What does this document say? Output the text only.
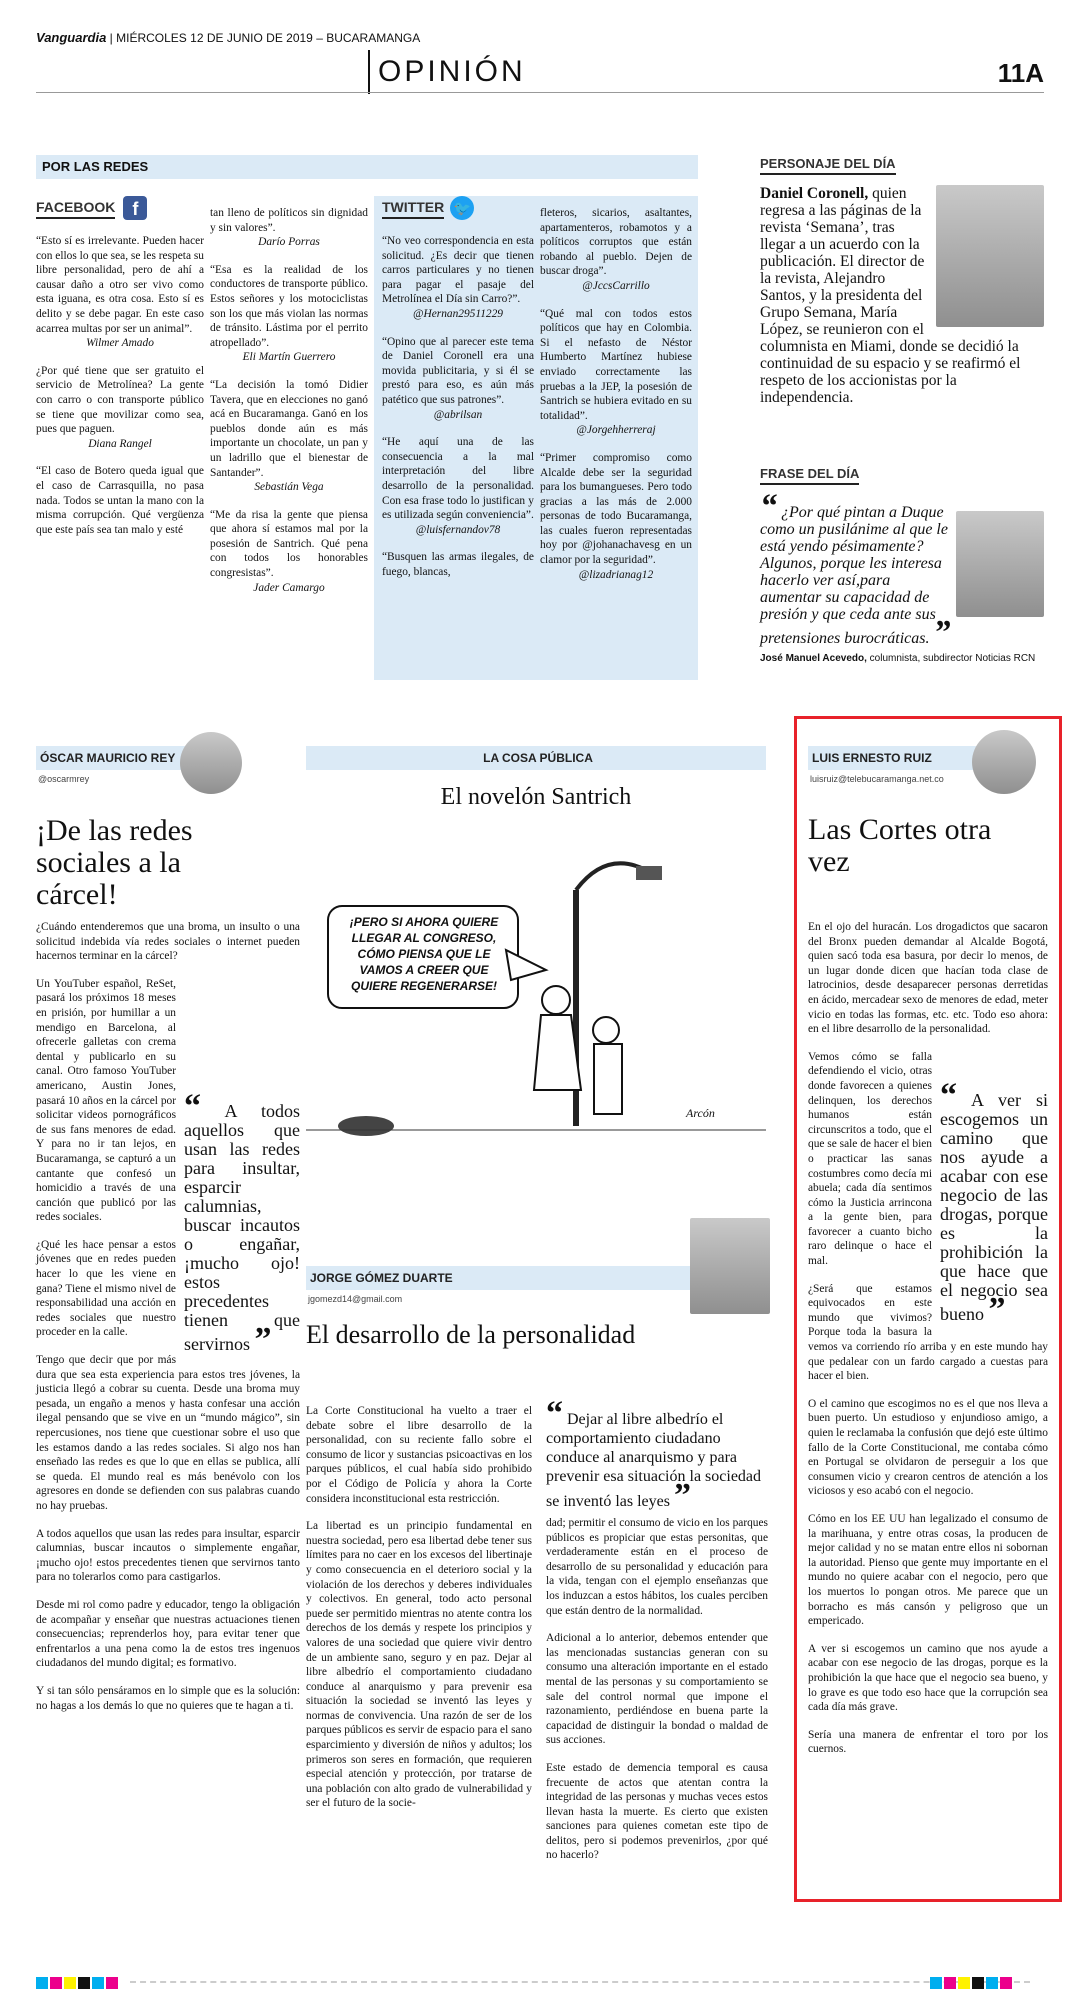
Vanguardia | MIÉRCOLES 12 DE JUNIO DE 2019 – BUCARAMANGA
OPINIÓN	11A
POR LAS REDES
FACEBOOK f

“Esto sí es irrelevante. Pueden hacer con ellos lo que sea, se les respeta su libre personalidad, pero de ahí a causar daño a otro ser vivo como esta iguana, es otra cosa. Esto sí es delito y se debe pagar. En este caso acarrea multas por ser un animal”.

Wilmer Amado

¿Por qué tiene que ser gratuito el servicio de Metrolínea? La gente con carro o con transporte público se tiene que movilizar como sea, pues que paguen.

Diana Rangel

“El caso de Botero queda igual que el caso de Carrasquilla, no pasa nada. Todos se untan la mano con la misma corrupción. Qué vergüenza que este país sea tan malo y esté

tan lleno de políticos sin dignidad y sin valores”.

Darío Porras

“Esa es la realidad de los conductores de transporte público. Estos señores y los motociclistas son los que más violan las normas de tránsito. Lástima por el perrito atropellado”.

Eli Martín Guerrero

“La decisión la tomó Didier Tavera, que en elecciones no ganó acá en Bucaramanga. Ganó en los pueblos donde aún es más importante un chocolate, un pan y un ladrillo que el bienestar de Santander”.

Sebastián Vega

“Me da risa la gente que piensa que ahora sí estamos mal por la posesión de Santrich. Qué pena con todos los honorables congresistas”.

Jader Camargo

TWITTER 🐦

“No veo correspondencia en esta solicitud. ¿Es decir que tienen carros particulares y no tienen para pagar el pasaje del Metrolínea el Día sin Carro?”.

@Hernan29511229

“Opino que al parecer este tema de Daniel Coronell era una movida publicitaria, y si él se prestó para eso, es aún más patético que sus patrones”.

@abrilsan

“He aquí una de las consecuencia a la mal interpretación del libre desarrollo de la personalidad. Con esa frase todo lo justifican y es utilizada según conveniencia”.

@luisfernandov78

“Busquen las armas ilegales, de fuego, blancas,

fleteros, sicarios, asaltantes, apartamenteros, robamotos y a políticos corruptos que están robando al pueblo. Dejen de buscar droga”.

@JccsCarrillo

“Qué mal con todos estos políticos que hay en Colombia. Si el nefasto de Néstor Humberto Martínez hubiese enviado correctamente las pruebas a la JEP, la posesión de Santrich se hubiera evitado en su totalidad”.

@Jorgehherreraj

“Primer compromiso como Alcalde debe ser la seguridad para los bumangueses. Pero todo gracias a las más de 2.000 personas de todo Bucaramanga, las cuales fueron representadas hoy por @johanachavesg en un clamor por la seguridad”.

@lizadrianag12

PERSONAJE DEL DÍA
Daniel Coronell, quien regresa a las páginas de la revista ‘Semana’, tras llegar a un acuerdo con la publicación. El director de la revista, Alejandro Santos, y la presidenta del Grupo Semana, María López, se reunieron con el columnista en Miami, donde se decidió la continuidad de su espacio y se reafirmó el respeto de los accionistas por la independencia.
FRASE DEL DÍA
“ ¿Por qué pintan a Duque como un pusilánime al que le está yendo pésimamente? Algunos, porque les interesa hacerlo ver así,para aumentar su capacidad de presión y que ceda ante sus pretensiones burocráticas. ”
José Manuel Acevedo, columnista, subdirector Noticias RCN
ÓSCAR MAURICIO REY
@oscarmrey
¡De las redes sociales a la cárcel!

¿Cuándo entenderemos que una broma, un insulto o una solicitud indebida vía redes sociales o internet pueden hacernos terminar en la cárcel?

“ A todos aquellos que usan las redes para insultar, esparcir calumnias, buscar incautos o engañar, ¡mucho ojo! estos precedentes tienen que servirnos ”

Un YouTuber español, ReSet, pasará los próximos 18 meses en prisión, por humillar a un mendigo en Barcelona, al ofrecerle galletas con crema dental y publicarlo en su canal. Otro famoso YouTuber americano, Austin Jones, pasará 10 años en la cárcel por solicitar videos pornográficos de sus fans menores de edad. Y para no ir tan lejos, en Bucaramanga, se capturó a un cantante que confesó un homicidio a través de una canción que publicó por las redes sociales.

¿Qué les hace pensar a estos jóvenes que en redes pueden hacer lo que les viene en gana? Tiene el mismo nivel de responsabilidad una acción en redes sociales que nuestro proceder en la calle.

Tengo que decir que por más dura que sea esta experiencia para estos tres jóvenes, la justicia llegó a cobrar su cuenta. Desde una broma muy pesada, un engaño a menos y hasta confesar una acción ilegal pensando que se vive en un “mundo mágico”, sin repercusiones, nos tiene que cuestionar sobre el uso que les estamos dando a las redes sociales. Si algo nos han enseñado las redes es que lo que en ellas se publica, allí se queda. El mundo real es más benévolo con los agresores en donde se defienden con sus palabras cuando no hay pruebas.

A todos aquellos que usan las redes para insultar, esparcir calumnias, buscar incautos o simplemente engañar, ¡mucho ojo! estos precedentes tienen que servirnos tanto para no tolerarlos como para castigarlos.

Desde mi rol como padre y educador, tengo la obligación de acompañar y enseñar que nuestras actuaciones tienen consecuencias; reprenderlos hoy, para evitar tener que enfrentarlos a una pena como la de estos tres ingenuos ciudadanos del mundo digital; es formativo.

Y si tan sólo pensáramos en lo simple que es la solución: no hagas a los demás lo que no quieres que te hagan a ti.

LA COSA PÚBLICA
El novelón Santrich
¡PERO SI AHORA QUIERE LLEGAR AL CONGRESO, CÓMO PIENSA QUE LE VAMOS A CREER QUE QUIERE REGENERARSE!
Arcón
JORGE GÓMEZ DUARTE
jgomezd14@gmail.com
El desarrollo de la personalidad

La Corte Constitucional ha vuelto a traer el debate sobre el libre desarrollo de la personalidad, con su reciente fallo sobre el consumo de licor y sustancias psicoactivas en los parques públicos, el cual había sido prohibido por el Código de Policía y ahora la Corte considera inconstitucional esta restricción.

La libertad es un principio fundamental en nuestra sociedad, pero esa libertad debe tener sus límites para no caer en los excesos del libertinaje y como consecuencia en el deterioro social y la violación de los derechos y deberes individuales y colectivos. En general, todo acto personal puede ser permitido mientras no atente contra los derechos de los demás y respete los principios y valores de una sociedad que quiere vivir dentro de un ambiente sano, seguro y en paz. Dejar al libre albedrío el comportamiento ciudadano conduce al anarquismo y para prevenir esa situación la sociedad se inventó las leyes y normas de convivencia. Una razón de ser de los parques públicos es servir de espacio para el sano esparcimiento y diversión de niños y adultos; los primeros son seres en formación, que requieren especial atención y protección, por tratarse de una población con alto grado de vulnerabilidad y ser el futuro de la socie-

“ Dejar al libre albedrío el comportamiento ciudadano conduce al anarquismo y para prevenir esa situación la sociedad se inventó las leyes ”

dad; permitir el consumo de vicio en los parques públicos es propiciar que estas personitas, que verdaderamente están en el proceso de desarrollo de su personalidad y educación para la vida, tengan con el ejemplo enseñanzas que los induzcan a estos hábitos, los cuales perciben que están dentro de la normalidad.

Adicional a lo anterior, debemos entender que las mencionadas sustancias generan con su consumo una alteración importante en el estado mental de las personas y su comportamiento se sale del control normal que impone el razonamiento, perdiéndose en buena parte la capacidad de distinguir la bondad o maldad de sus acciones.

Este estado de demencia temporal es causa frecuente de actos que atentan contra la integridad de las personas y muchas veces estos llevan hasta la muerte. Es cierto que existen sanciones para quienes cometan este tipo de delitos, pero si podemos prevenirlos, ¿por qué no hacerlo?

LUIS ERNESTO RUIZ
luisruiz@telebucaramanga.net.co
Las Cortes otra vez

En el ojo del huracán. Los drogadictos que sacaron del Bronx pueden demandar al Alcalde Bogotá, quien sacó toda esa basura, por decir lo menos, de un lugar donde dicen que hacían toda clase de latrocinios, desde desaparecer personas derretidas en ácido, mercadear sexo de menores de edad, meter vicio en todas las formas, etc. etc. Todo eso ahora: en el libre desarrollo de la personalidad.

“ A ver si escogemos un camino que nos ayude a acabar con ese negocio de las drogas, porque es la prohibición la que hace que el negocio sea bueno ”

Vemos cómo se falla defendiendo el vicio, otras donde favorecen a quienes delinquen, los derechos humanos están circunscritos a todo, que el que se sale de hacer el bien o practicar las sanas costumbres como decía mi abuela; cada día sentimos cómo la Justicia arrincona a la gente bien, para favorecer a cuanto bicho raro delinque o hace el mal.

¿Será que estamos equivocados en este mundo que vivimos? Porque toda la basura la vemos va corriendo río arriba y en este mundo hay que pedalear con un fardo cargado a cuestas para hacer el bien.

O el camino que escogimos no es el que nos lleva a buen puerto. Un estudioso y enjundioso amigo, a quien le reclamaba la confusión que dejó este último fallo de la Corte Constitucional, me contaba cómo en Portugal se olvidaron de perseguir a los que consumen vicio y crearon centros de atención a los viciosos y eso acabó con el negocio.

Cómo en los EE UU han legalizado el consumo de la marihuana, y entre otras cosas, la producen de mejor calidad y no se matan entre ellos ni sobornan la autoridad. Pienso que gente muy importante en el mundo no quiere acabar con el negocio, pero que los muertos lo pongan otros. Me parece que un borracho es más cansón y peligroso que un empericado.

A ver si escogemos un camino que nos ayude a acabar con ese negocio de las drogas, porque es la prohibición la que hace que el negocio sea bueno, y lo grave es que todo eso hace que la corrupción sea cada día más grave.

Sería una manera de enfrentar el toro por los cuernos.
